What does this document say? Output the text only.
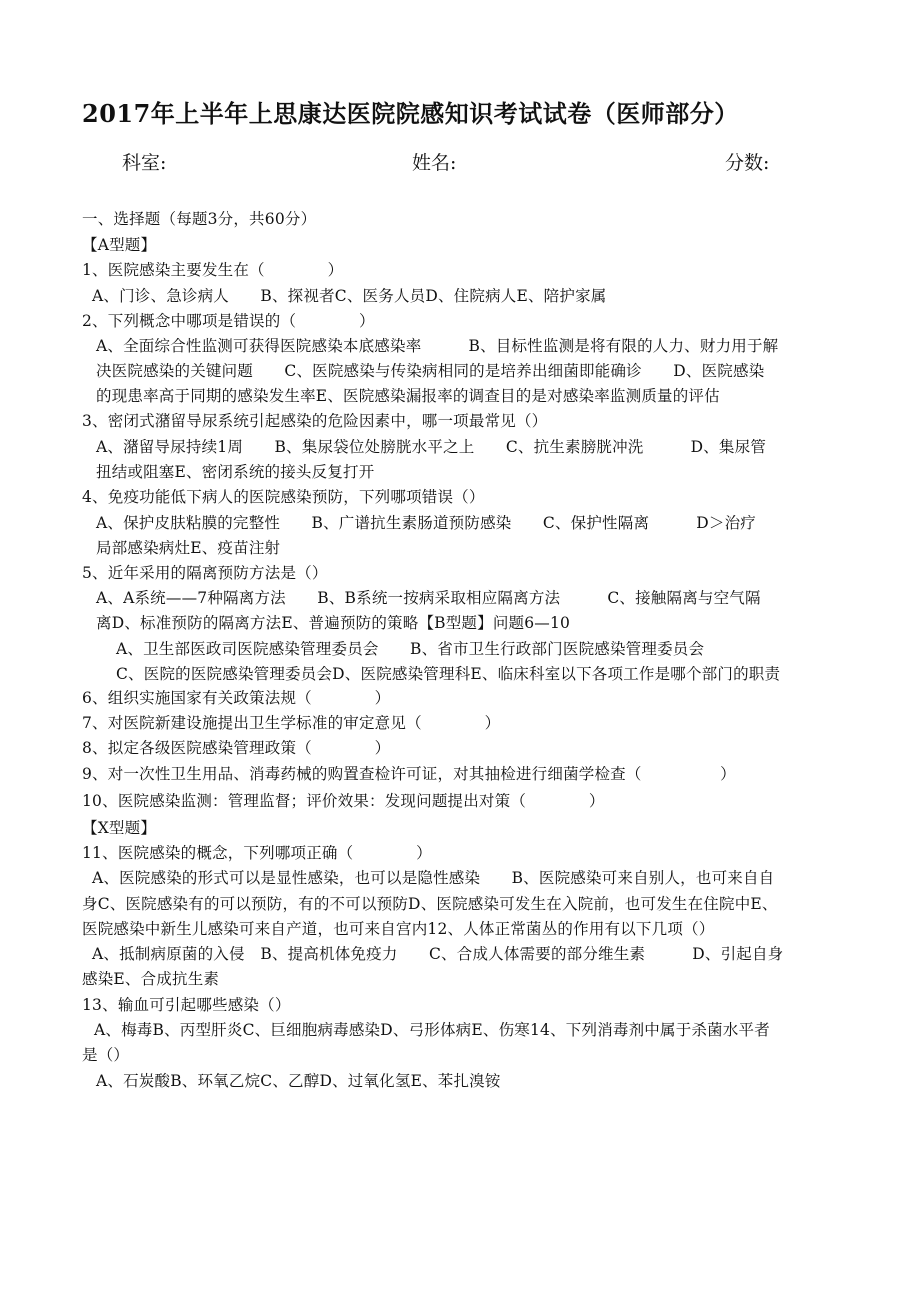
2017年上半年上思康达医院院感知识考试试卷（医师部分）
科室:	姓名:	分数:
一、选择题（每题3分，共60分）
【A型题】
1、医院感染主要发生在（　　　　）
A、门诊、急诊病人　　B、探视者C、医务人员D、住院病人E、陪护家属
2、下列概念中哪项是错误的（　　　　）
A、全面综合性监测可获得医院感染本底感染率　　　B、目标性监测是将有限的人力、财力用于解
决医院感染的关键问题　　C、医院感染与传染病相同的是培养出细菌即能确诊　　D、医院感染
的现患率高于同期的感染发生率E、医院感染漏报率的调查目的是对感染率监测质量的评估
3、密闭式潴留导尿系统引起感染的危险因素中，哪一项最常见（）
A、潴留导尿持续1周　　B、集尿袋位处膀胱水平之上　　C、抗生素膀胱冲洗　　　D、集尿管
扭结或阻塞E、密闭系统的接头反复打开
4、免疫功能低下病人的医院感染预防，下列哪项错误（）
A、保护皮肤粘膜的完整性　　B、广谱抗生素肠道预防感染　　C、保护性隔离　　　D＞治疗
局部感染病灶E、疫苗注射
5、近年采用的隔离预防方法是（）
A、A系统——7种隔离方法　　B、B系统一按病采取相应隔离方法　　　C、接触隔离与空气隔
离D、标准预防的隔离方法E、普遍预防的策略【B型题】问题6—10
A、卫生部医政司医院感染管理委员会　　B、省市卫生行政部门医院感染管理委员会
C、医院的医院感染管理委员会D、医院感染管理科E、临床科室以下各项工作是哪个部门的职责
6、组织实施国家有关政策法规（　　　　）
7、对医院新建设施提出卫生学标准的审定意见（　　　　）
8、拟定各级医院感染管理政策（　　　　）
9、对一次性卫生用品、消毒药械的购置查检许可证，对其抽检进行细菌学检查（　　　　　）
10、医院感染监测：管理监督；评价效果：发现问题提出对策（　　　　）
【X型题】
11、医院感染的概念，下列哪项正确（　　　　）
A、医院感染的形式可以是显性感染，也可以是隐性感染　　B、医院感染可来自别人，也可来自自
身C、医院感染有的可以预防，有的不可以预防D、医院感染可发生在入院前，也可发生在住院中E、
医院感染中新生儿感染可来自产道，也可来自宫内12、人体正常菌丛的作用有以下几项（）
A、抵制病原菌的入侵　B、提高机体免疫力　　C、合成人体需要的部分维生素　　　D、引起自身
感染E、合成抗生素
13、输血可引起哪些感染（）
A、梅毒B、丙型肝炎C、巨细胞病毒感染D、弓形体病E、伤寒14、下列消毒剂中属于杀菌水平者
是（）
A、石炭酸B、环氧乙烷C、乙醇D、过氧化氢E、苯扎溴铵
